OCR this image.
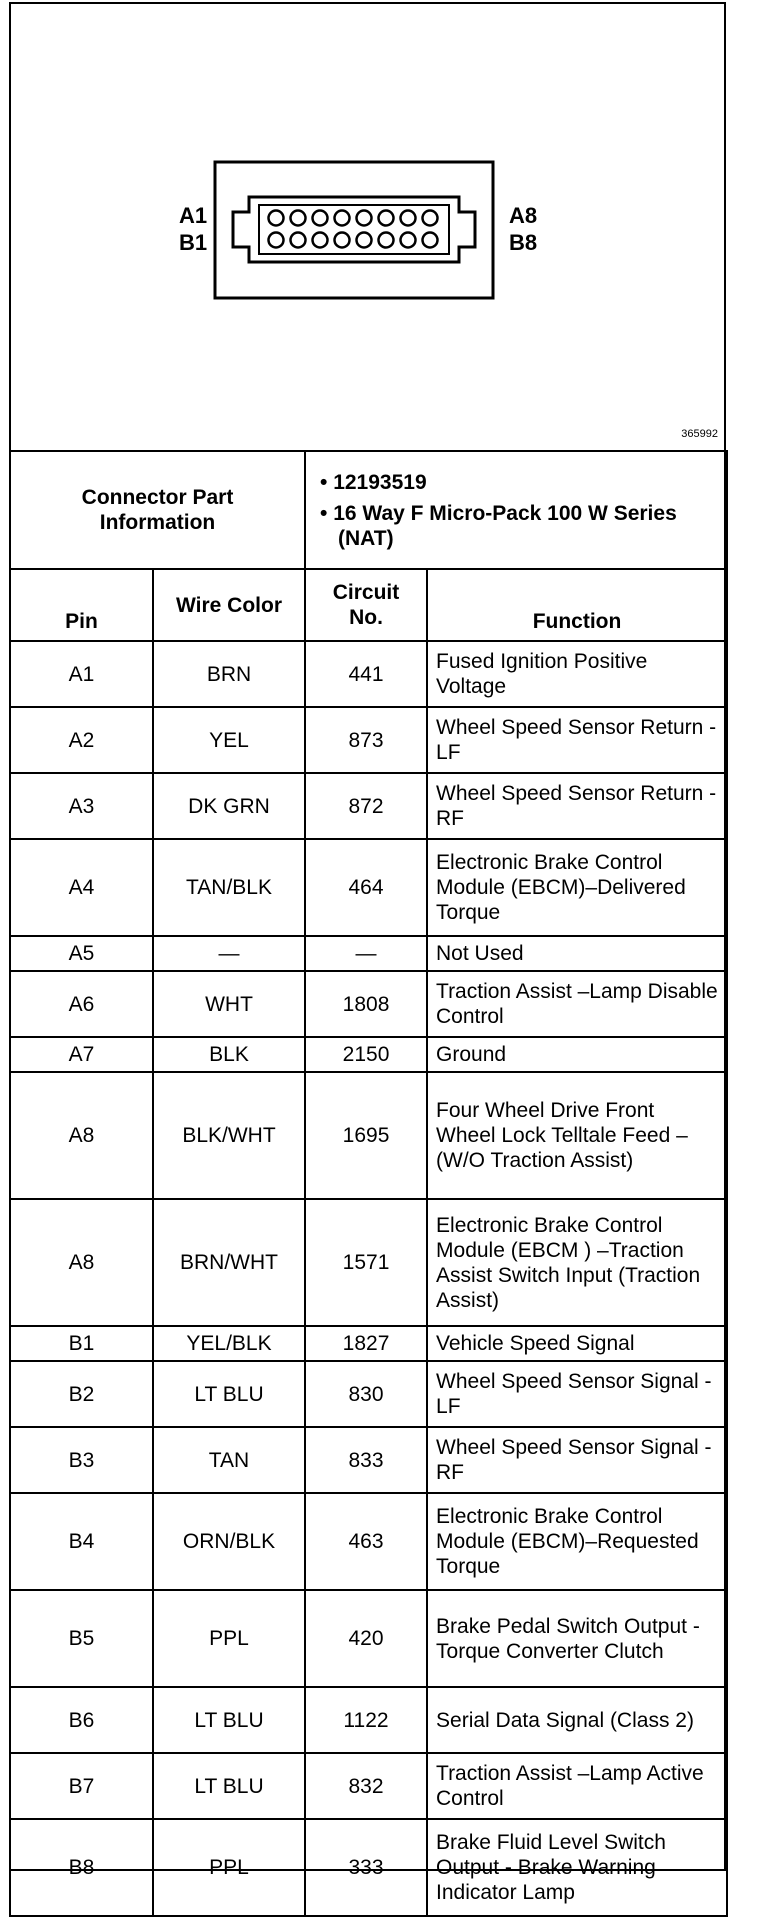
A1
B1
A8
B8
365992
Connector Part Information		• 12193519
• 16 Way F Micro-Pack 100 W Series (NAT)	

Pin	Wire Color	Circuit No.	Function
A1	BRN	441	Fused Ignition Positive Voltage
A2	YEL	873	Wheel Speed Sensor Return - LF
A3	DK GRN	872	Wheel Speed Sensor Return - RF
A4	TAN/BLK	464	Electronic Brake Control Module (EBCM)–Delivered Torque
A5	—	—	Not Used
A6	WHT	1808	Traction Assist –Lamp Disable Control
A7	BLK	2150	Ground
A8	BLK/WHT	1695	Four Wheel Drive Front Wheel Lock Telltale Feed –(W/O Traction Assist)
A8	BRN/WHT	1571	Electronic Brake Control Module (EBCM ) –Traction Assist Switch Input (Traction Assist)
B1	YEL/BLK	1827	Vehicle Speed Signal
B2	LT BLU	830	Wheel Speed Sensor Signal - LF
B3	TAN	833	Wheel Speed Sensor Signal - RF
B4	ORN/BLK	463	Electronic Brake Control Module (EBCM)–Requested Torque
B5	PPL	420	Brake Pedal Switch Output - Torque Converter Clutch
B6	LT BLU	1122	Serial Data Signal (Class 2)
B7	LT BLU	832	Traction Assist –Lamp Active Control
B8	PPL	333	Brake Fluid Level Switch Output - Brake Warning Indicator Lamp
